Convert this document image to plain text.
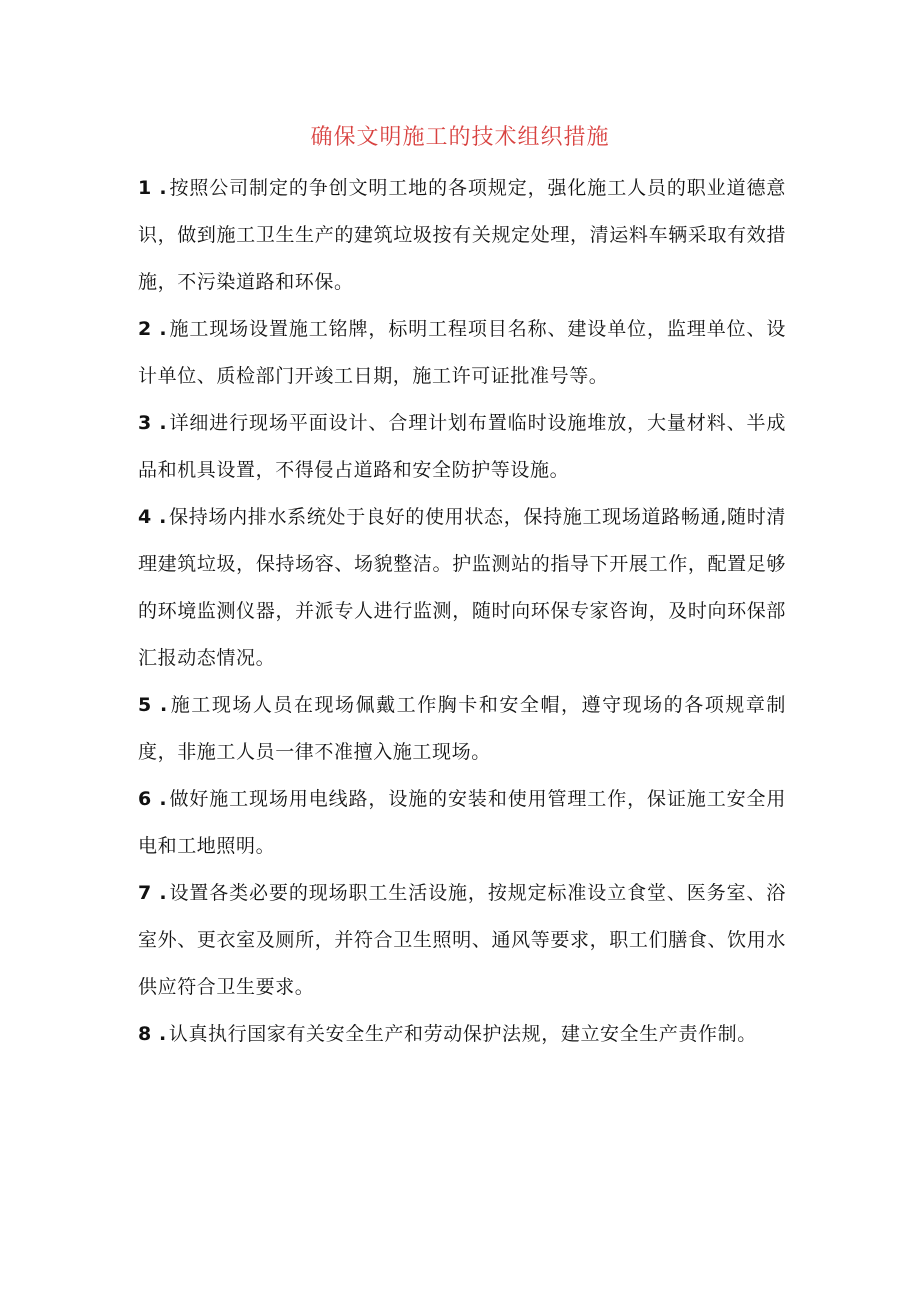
确保文明施工的技术组织措施
1 . 按照公司制定的争创文明工地的各项规定，强化施工人员的职业道德意识，做到施工卫生生产的建筑垃圾按有关规定处理，清运料车辆采取有效措施，不污染道路和环保。
2 . 施工现场设置施工铭牌，标明工程项目名称、建设单位，监理单位、设计单位、质检部门开竣工日期，施工许可证批准号等。
3 . 详细进行现场平面设计、合理计划布置临时设施堆放，大量材料、半成品和机具设置，不得侵占道路和安全防护等设施。
4 . 保持场内排水系统处于良好的使用状态，保持施工现场道路畅通,随时清理建筑垃圾，保持场容、场貌整洁。护监测站的指导下开展工作，配置足够的环境监测仪器，并派专人进行监测，随时向环保专家咨询，及时向环保部汇报动态情况。
5 . 施工现场人员在现场佩戴工作胸卡和安全帽，遵守现场的各项规章制度，非施工人员一律不准擅入施工现场。
6 . 做好施工现场用电线路，设施的安装和使用管理工作，保证施工安全用电和工地照明。
7 . 设置各类必要的现场职工生活设施，按规定标准设立食堂、医务室、浴室外、更衣室及厕所，并符合卫生照明、通风等要求，职工们膳食、饮用水供应符合卫生要求。
8 . 认真执行国家有关安全生产和劳动保护法规，建立安全生产责作制。
